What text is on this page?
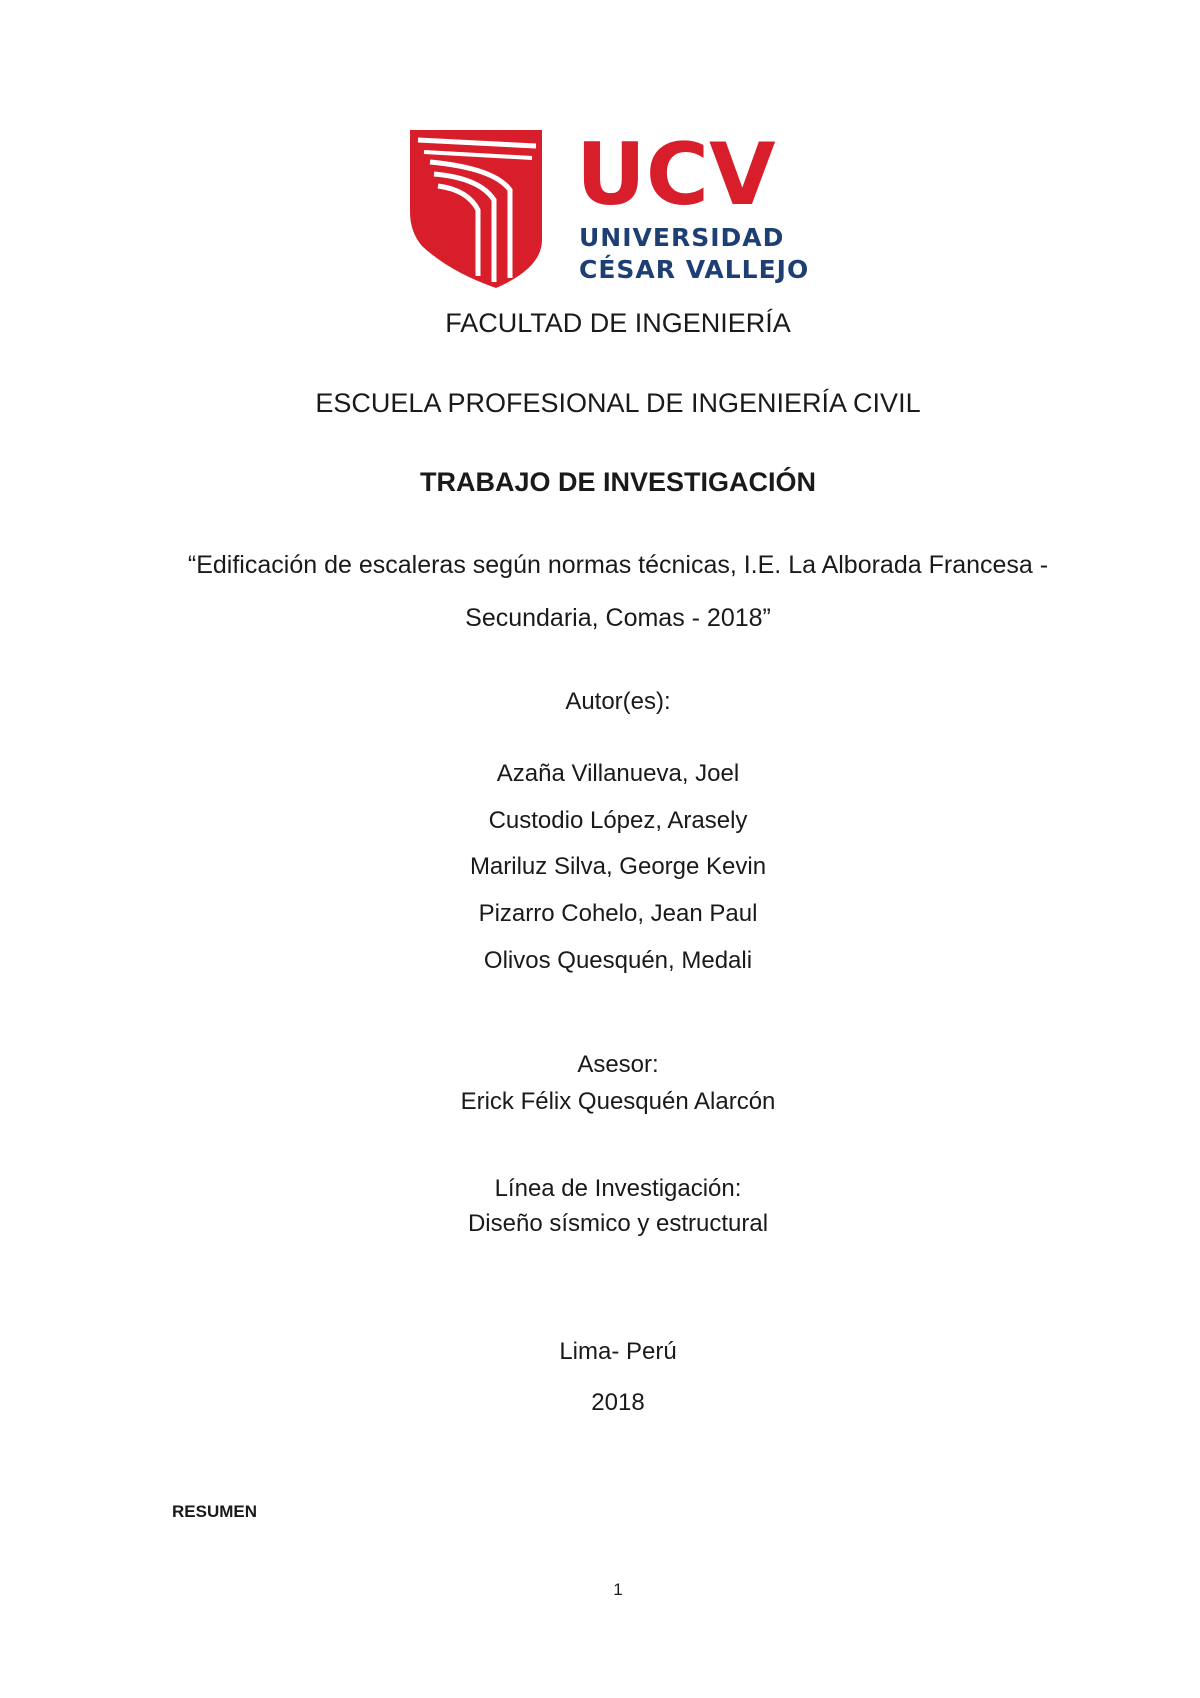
UCV
UNIVERSIDAD
CÉSAR VALLEJO
FACULTAD DE INGENIERÍA
ESCUELA PROFESIONAL DE INGENIERÍA CIVIL
TRABAJO DE INVESTIGACIÓN
“Edificación de escaleras según normas técnicas, I.E. La Alborada Francesa -
Secundaria, Comas - 2018”
Autor(es):
Azaña Villanueva, Joel
Custodio López, Arasely
Mariluz Silva, George Kevin
Pizarro Cohelo, Jean Paul
Olivos Quesquén, Medali
Asesor:
Erick Félix Quesquén Alarcón
Línea de Investigación:
Diseño sísmico y estructural
Lima- Perú
2018
RESUMEN
1
